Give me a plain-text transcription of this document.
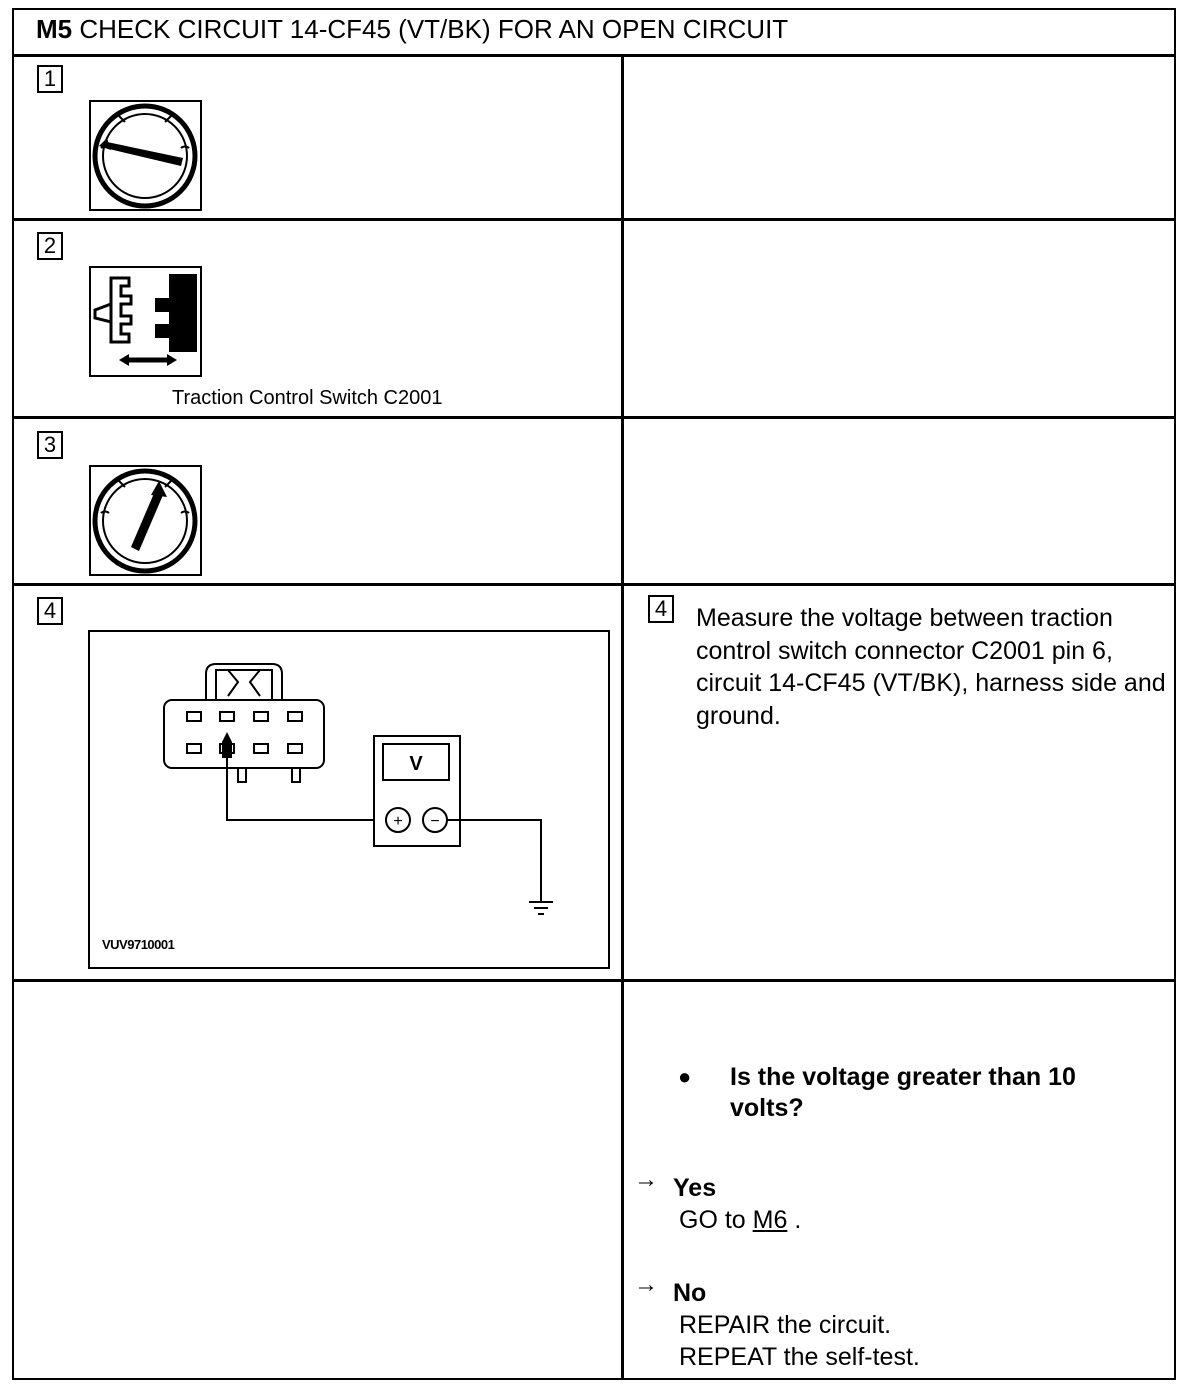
M5 CHECK CIRCUIT 14-CF45 (VT/BK) FOR AN OPEN CIRCUIT
1
2
Traction Control Switch C2001
3
4
V
+ −
VUV9710001
4 Measure the voltage between traction control switch connector C2001 pin 6, circuit 14-CF45 (VT/BK), harness side and ground.
● Is the voltage greater than 10 volts?
→ Yes
GO to M6 .
→ No
REPAIR the circuit.
REPEAT the self-test.
